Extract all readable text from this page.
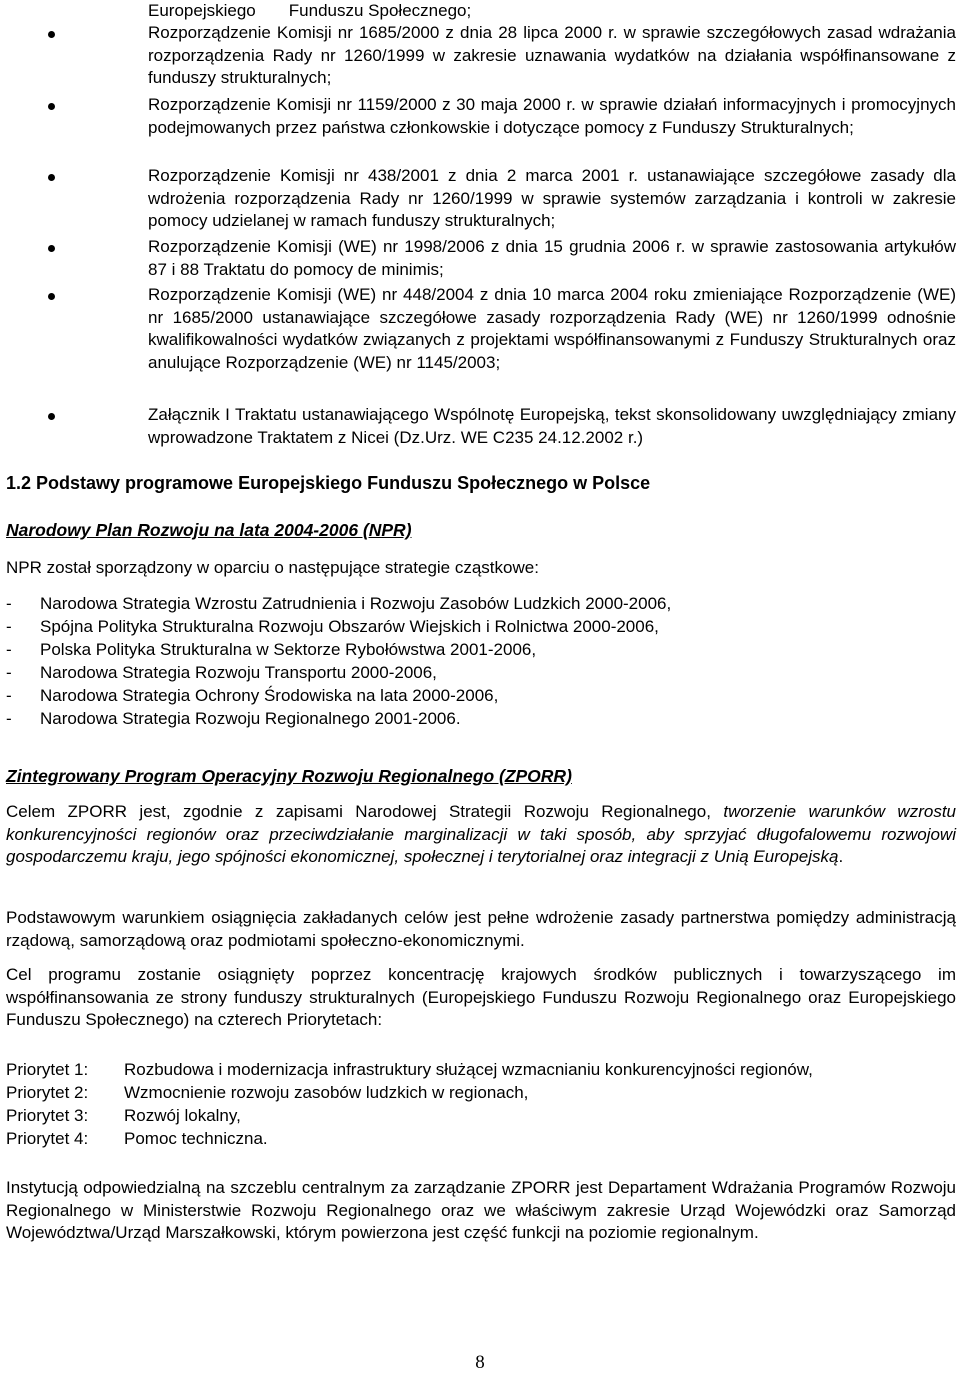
Europejskiego       Funduszu Społecznego;
Rozporządzenie Komisji nr 1685/2000 z dnia 28 lipca 2000 r. w sprawie szczegółowych zasad wdrażania rozporządzenia Rady nr 1260/1999 w zakresie uznawania wydatków na działania współfinansowane z funduszy strukturalnych;
Rozporządzenie Komisji nr 1159/2000 z 30 maja 2000 r. w sprawie działań informacyjnych i promocyjnych podejmowanych przez państwa członkowskie i dotyczące pomocy z Funduszy Strukturalnych;
Rozporządzenie Komisji nr 438/2001 z dnia 2 marca 2001 r. ustanawiające szczegółowe zasady dla wdrożenia rozporządzenia Rady nr 1260/1999 w sprawie systemów zarządzania i kontroli w zakresie pomocy udzielanej w ramach funduszy strukturalnych;
Rozporządzenie Komisji (WE) nr 1998/2006 z dnia 15 grudnia 2006 r. w sprawie zastosowania artykułów 87 i 88 Traktatu do pomocy de minimis;
Rozporządzenie Komisji (WE) nr 448/2004 z dnia 10 marca 2004 roku zmieniające Rozporządzenie (WE) nr 1685/2000 ustanawiające szczegółowe zasady rozporządzenia Rady (WE) nr 1260/1999 odnośnie kwalifikowalności wydatków związanych z projektami współfinansowanymi z Funduszy Strukturalnych oraz anulujące Rozporządzenie (WE) nr 1145/2003;
Załącznik I Traktatu ustanawiającego Wspólnotę Europejską, tekst skonsolidowany uwzględniający zmiany wprowadzone Traktatem z Nicei (Dz.Urz. WE C235 24.12.2002 r.)
1.2 Podstawy programowe Europejskiego Funduszu Społecznego w Polsce
Narodowy Plan Rozwoju na lata 2004-2006 (NPR)
NPR został sporządzony w oparciu o następujące strategie cząstkowe:
- Narodowa Strategia Wzrostu Zatrudnienia i Rozwoju Zasobów Ludzkich 2000-2006,
- Spójna Polityka Strukturalna Rozwoju Obszarów Wiejskich i Rolnictwa 2000-2006,
- Polska Polityka Strukturalna w Sektorze Rybołówstwa 2001-2006,
- Narodowa Strategia Rozwoju Transportu 2000-2006,
- Narodowa Strategia Ochrony Środowiska na lata 2000-2006,
- Narodowa Strategia Rozwoju Regionalnego 2001-2006.
Zintegrowany Program Operacyjny Rozwoju Regionalnego (ZPORR)
Celem ZPORR jest, zgodnie z zapisami Narodowej Strategii Rozwoju Regionalnego, tworzenie warunków wzrostu konkurencyjności regionów oraz przeciwdziałanie marginalizacji w taki sposób, aby sprzyjać długofalowemu rozwojowi gospodarczemu kraju, jego spójności ekonomicznej, społecznej i terytorialnej oraz integracji z Unią Europejską.
Podstawowym warunkiem osiągnięcia zakładanych celów jest pełne wdrożenie zasady partnerstwa pomiędzy administracją rządową, samorządową oraz podmiotami społeczno-ekonomicznymi.
Cel programu zostanie osiągnięty poprzez koncentrację krajowych środków publicznych i towarzyszącego im współfinansowania ze strony funduszy strukturalnych (Europejskiego Funduszu Rozwoju Regionalnego oraz Europejskiego Funduszu Społecznego) na czterech Priorytetach:
Priorytet 1: Rozbudowa i modernizacja infrastruktury służącej wzmacnianiu konkurencyjności regionów,
Priorytet 2: Wzmocnienie rozwoju zasobów ludzkich w regionach,
Priorytet 3: Rozwój lokalny,
Priorytet 4: Pomoc techniczna.
Instytucją odpowiedzialną na szczeblu centralnym za zarządzanie ZPORR jest Departament Wdrażania Programów Rozwoju Regionalnego w Ministerstwie Rozwoju Regionalnego oraz we właściwym zakresie Urząd Wojewódzki oraz Samorząd Województwa/Urząd Marszałkowski, którym powierzona jest część funkcji na poziomie regionalnym.
8
